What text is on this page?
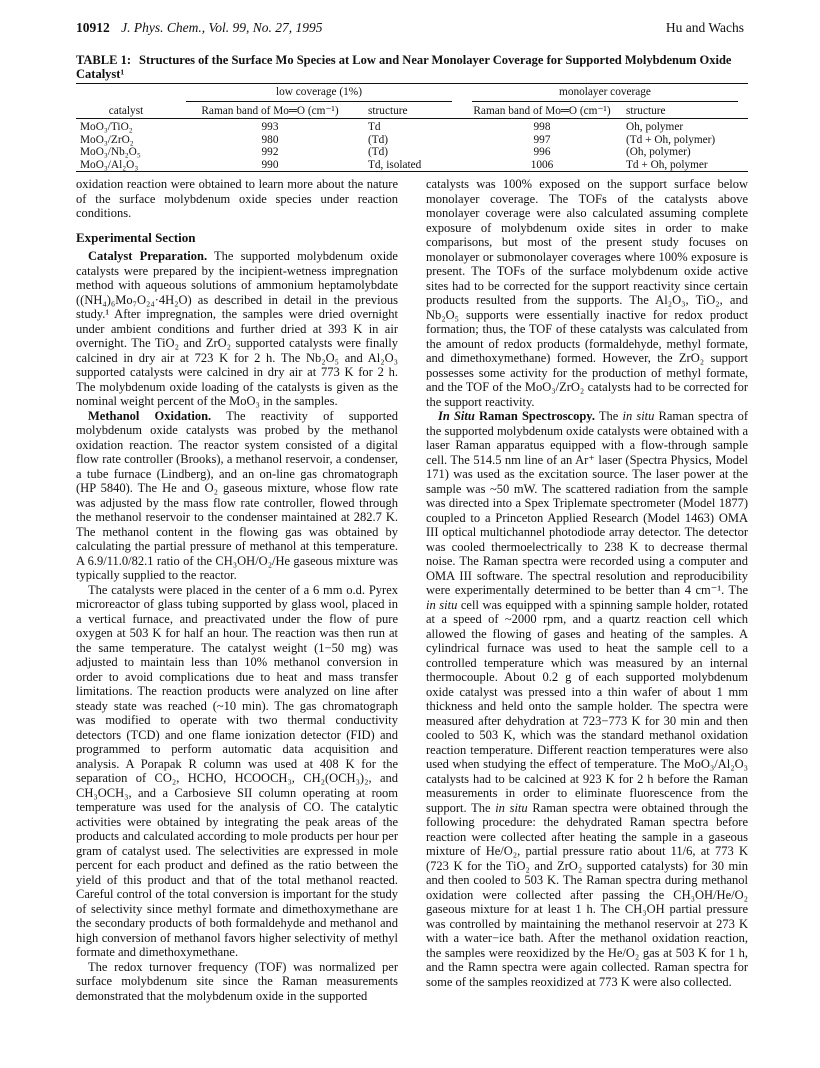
10912 J. Phys. Chem., Vol. 99, No. 27, 1995	Hu and Wachs
TABLE 1: Structures of the Surface Mo Species at Low and Near Monolayer Coverage for Supported Molybdenum Oxide Catalyst¹

	low coverage (1%)		monolayer coverage	

catalyst	Raman band of Mo═O (cm⁻¹)	structure	Raman band of Mo═O (cm⁻¹)	structure
MoO₃/TiO₂	993	Td	998	Oh, polymer
MoO₃/ZrO₂	980	(Td)	997	(Td + Oh, polymer)
MoO₃/Nb₂O₅	992	(Td)	996	(Oh, polymer)
MoO₃/Al₂O₃	990	Td, isolated	1006	Td + Oh, polymer

oxidation reaction were obtained to learn more about the nature of the surface molybdenum oxide species under reaction conditions.

Experimental Section

Catalyst Preparation. The supported molybdenum oxide catalysts were prepared by the incipient-wetness impregnation method with aqueous solutions of ammonium heptamolybdate ((NH₄)₆Mo₇O₂₄·4H₂O) as described in detail in the previous study.¹ After impregnation, the samples were dried overnight under ambient conditions and further dried at 393 K in air overnight. The TiO₂ and ZrO₂ supported catalysts were finally calcined in dry air at 723 K for 2 h. The Nb₂O₅ and Al₂O₃ supported catalysts were calcined in dry air at 773 K for 2 h. The molybdenum oxide loading of the catalysts is given as the nominal weight percent of the MoO₃ in the samples.

Methanol Oxidation. The reactivity of supported molybdenum oxide catalysts was probed by the methanol oxidation reaction. The reactor system consisted of a digital flow rate controller (Brooks), a methanol reservoir, a condenser, a tube furnace (Lindberg), and an on-line gas chromatograph (HP 5840). The He and O₂ gaseous mixture, whose flow rate was adjusted by the mass flow rate controller, flowed through the methanol reservoir to the condenser maintained at 282.7 K. The methanol content in the flowing gas was obtained by calculating the partial pressure of methanol at this temperature. A 6.9/11.0/82.1 ratio of the CH₃OH/O₂/He gaseous mixture was typically supplied to the reactor.

The catalysts were placed in the center of a 6 mm o.d. Pyrex microreactor of glass tubing supported by glass wool, placed in a vertical furnace, and preactivated under the flow of pure oxygen at 503 K for half an hour. The reaction was then run at the same temperature. The catalyst weight (1−50 mg) was adjusted to maintain less than 10% methanol conversion in order to avoid complications due to heat and mass transfer limitations. The reaction products were analyzed on line after steady state was reached (~10 min). The gas chromatograph was modified to operate with two thermal conductivity detectors (TCD) and one flame ionization detector (FID) and programmed to perform automatic data acquisition and analysis. A Porapak R column was used at 408 K for the separation of CO₂, HCHO, HCOOCH₃, CH₂(OCH₃)₂, and CH₃OCH₃, and a Carbosieve SII column operating at room temperature was used for the analysis of CO. The catalytic activities were obtained by integrating the peak areas of the products and calculated according to mole products per hour per gram of catalyst used. The selectivities are expressed in mole percent for each product and defined as the ratio between the yield of this product and that of the total methanol reacted. Careful control of the total conversion is important for the study of selectivity since methyl formate and dimethoxymethane are the secondary products of both formaldehyde and methanol and high conversion of methanol favors higher selectivity of methyl formate and dimethoxymethane.

The redox turnover frequency (TOF) was normalized per surface molybdenum site since the Raman measurements demonstrated that the molybdenum oxide in the supported

catalysts was 100% exposed on the support surface below monolayer coverage. The TOFs of the catalysts above monolayer coverage were also calculated assuming complete exposure of molybdenum oxide sites in order to make comparisons, but most of the present study focuses on monolayer or submonolayer coverages where 100% exposure is present. The TOFs of the surface molybdenum oxide active sites had to be corrected for the support reactivity since certain products resulted from the supports. The Al₂O₃, TiO₂, and Nb₂O₅ supports were essentially inactive for redox product formation; thus, the TOF of these catalysts was calculated from the amount of redox products (formaldehyde, methyl formate, and dimethoxymethane) formed. However, the ZrO₂ support possesses some activity for the production of methyl formate, and the TOF of the MoO₃/ZrO₂ catalysts had to be corrected for the support reactivity.

In Situ Raman Spectroscopy. The in situ Raman spectra of the supported molybdenum oxide catalysts were obtained with a laser Raman apparatus equipped with a flow-through sample cell. The 514.5 nm line of an Ar⁺ laser (Spectra Physics, Model 171) was used as the excitation source. The laser power at the sample was ~50 mW. The scattered radiation from the sample was directed into a Spex Triplemate spectrometer (Model 1877) coupled to a Princeton Applied Research (Model 1463) OMA III optical multichannel photodiode array detector. The detector was cooled thermoelectrically to 238 K to decrease thermal noise. The Raman spectra were recorded using a computer and OMA III software. The spectral resolution and reproducibility were experimentally determined to be better than 4 cm⁻¹. The in situ cell was equipped with a spinning sample holder, rotated at a speed of ~2000 rpm, and a quartz reaction cell which allowed the flowing of gases and heating of the samples. A cylindrical furnace was used to heat the sample cell to a controlled temperature which was measured by an internal thermocouple. About 0.2 g of each supported molybdenum oxide catalyst was pressed into a thin wafer of about 1 mm thickness and held onto the sample holder. The spectra were measured after dehydration at 723−773 K for 30 min and then cooled to 503 K, which was the standard methanol oxidation reaction temperature. Different reaction temperatures were also used when studying the effect of temperature. The MoO₃/Al₂O₃ catalysts had to be calcined at 923 K for 2 h before the Raman measurements in order to eliminate fluorescence from the support. The in situ Raman spectra were obtained through the following procedure: the dehydrated Raman spectra before reaction were collected after heating the sample in a gaseous mixture of He/O₂, partial pressure ratio about 11/6, at 773 K (723 K for the TiO₂ and ZrO₂ supported catalysts) for 30 min and then cooled to 503 K. The Raman spectra during methanol oxidation were collected after passing the CH₃OH/He/O₂ gaseous mixture for at least 1 h. The CH₃OH partial pressure was controlled by maintaining the methanol reservoir at 273 K with a water−ice bath. After the methanol oxidation reaction, the samples were reoxidized by the He/O₂ gas at 503 K for 1 h, and the Ramn spectra were again collected. Raman spectra for some of the samples reoxidized at 773 K were also collected.
